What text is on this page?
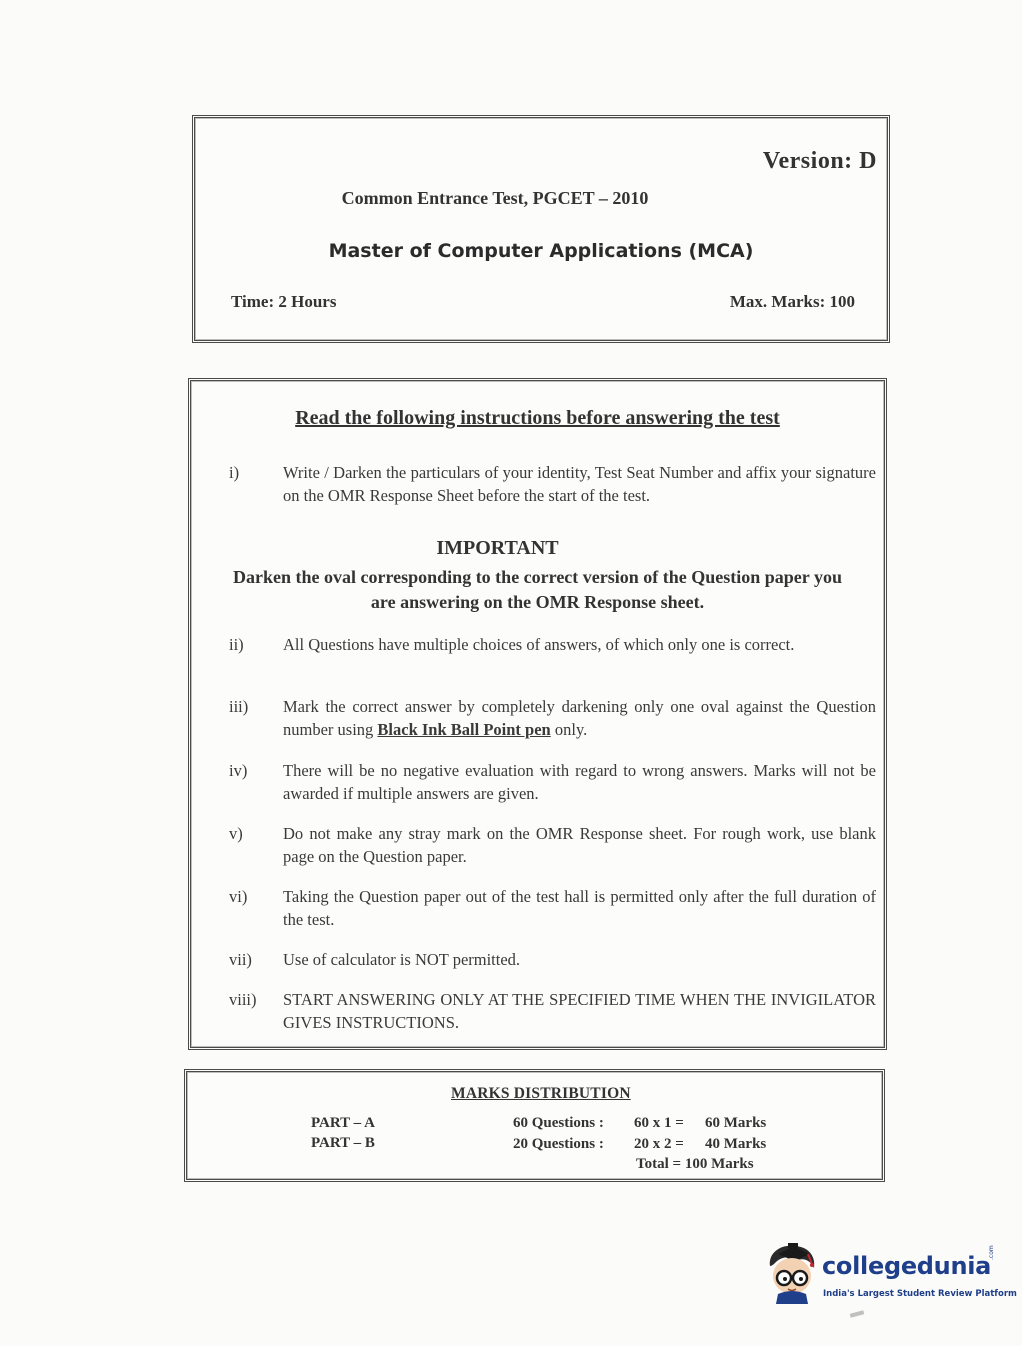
Version: D
Common Entrance Test, PGCET – 2010
Master of Computer Applications (MCA)
Time: 2 Hours	Max. Marks: 100
Read the following instructions before answering the test
i)	Write / Darken the particulars of your identity, Test Seat Number and affix your signature on the OMR Response Sheet before the start of the test.
IMPORTANT
Darken the oval corresponding to the correct version of the Question paper you are answering on the OMR Response sheet.
ii)	All Questions have multiple choices of answers, of which only one is correct.
iii)	Mark the correct answer by completely darkening only one oval against the Question number using Black Ink Ball Point pen only.
iv)	There will be no negative evaluation with regard to wrong answers. Marks will not be awarded if multiple answers are given.
v)	Do not make any stray mark on the OMR Response sheet. For rough work, use blank page on the Question paper.
vi)	Taking the Question paper out of the test hall is permitted only after the full duration of the test.
vii)	Use of calculator is NOT permitted.
viii)	START ANSWERING ONLY AT THE SPECIFIED TIME WHEN THE INVIGILATOR GIVES INSTRUCTIONS.
MARKS DISTRIBUTION
PART – A	60 Questions : 60 x 1 = 60 Marks
PART – B	20 Questions : 20 x 2 = 40 Marks
Total = 100 Marks
collegedunia
.com
India's Largest Student Review Platform
